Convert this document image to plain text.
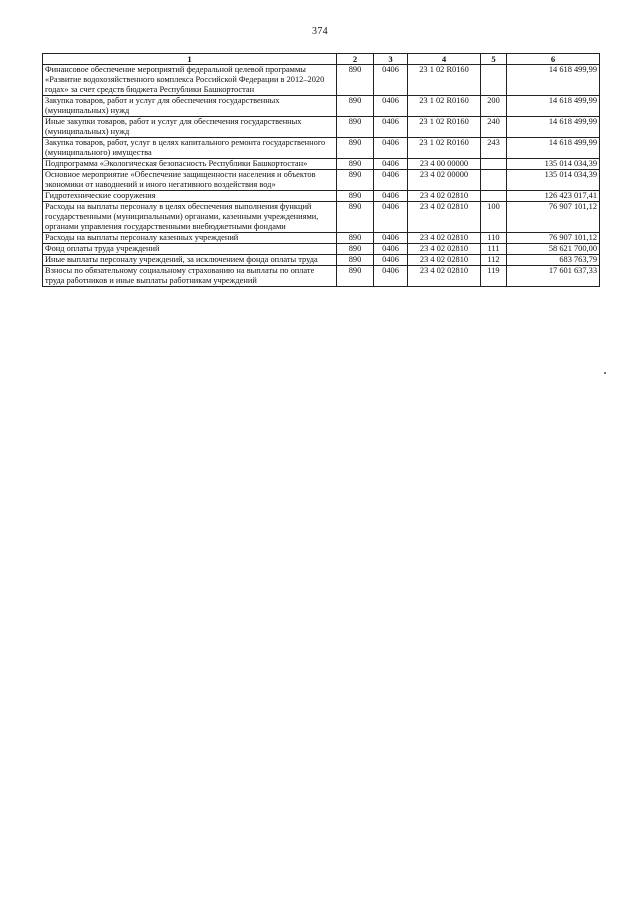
374
1	2	3	4	5	6
Финансовое обеспечение мероприятий федеральной целевой программы «Развитие водохозяйственного комплекса Российской Федерации в 2012–2020 годах» за счет средств бюджета Республики Башкортостан	890	0406	23 1 02 R0160		14 618 499,99
Закупка товаров, работ и услуг для обеспечения государственных (муниципальных) нужд	890	0406	23 1 02 R0160	200	14 618 499,99
Иные закупки товаров, работ и услуг для обеспечения государственных (муниципальных) нужд	890	0406	23 1 02 R0160	240	14 618 499,99
Закупка товаров, работ, услуг в целях капитального ремонта государственного (муниципального) имущества	890	0406	23 1 02 R0160	243	14 618 499,99
Подпрограмма «Экологическая безопасность Республики Башкортостан»	890	0406	23 4 00 00000		135 014 034,39
Основное мероприятие «Обеспечение защищенности населения и объектов экономики от наводнений и иного негативного воздействия вод»	890	0406	23 4 02 00000		135 014 034,39
Гидротехнические сооружения	890	0406	23 4 02 02810		126 423 017,41
Расходы на выплаты персоналу в целях обеспечения выполнения функций государственными (муниципальными) органами, казенными учреждениями, органами управления государственными внебюджетными фондами	890	0406	23 4 02 02810	100	76 907 101,12
Расходы на выплаты персоналу казенных учреждений	890	0406	23 4 02 02810	110	76 907 101,12
Фонд оплаты труда учреждений	890	0406	23 4 02 02810	111	58 621 700,00
Иные выплаты персоналу учреждений, за исключением фонда оплаты труда	890	0406	23 4 02 02810	112	683 763,79
Взносы по обязательному социальному страхованию на выплаты по оплате труда работников и иные выплаты работникам учреждений	890	0406	23 4 02 02810	119	17 601 637,33
